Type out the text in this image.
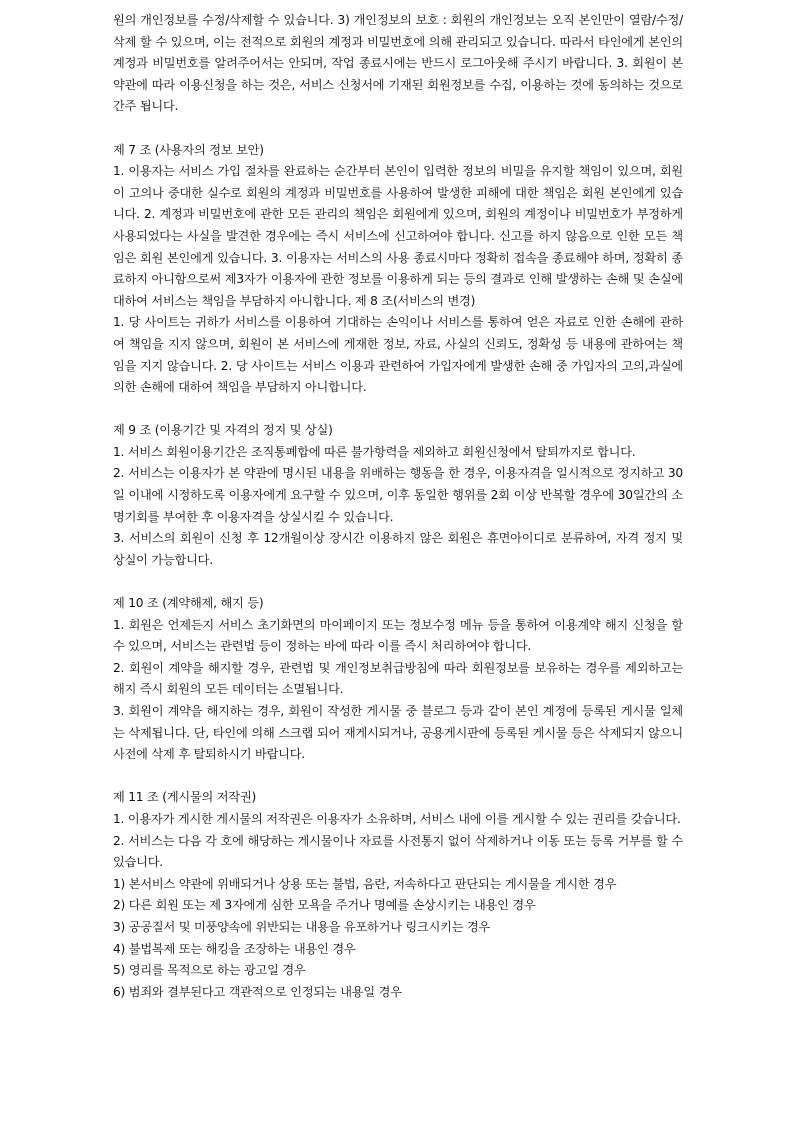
원의 개인정보를 수정/삭제할 수 있습니다. 3) 개인정보의 보호 : 회원의 개인정보는 오직 본인만이 열람/수정/삭제 할 수 있으며, 이는 전적으로 회원의 계정과 비밀번호에 의해 관리되고 있습니다. 따라서 타인에게 본인의 계정과 비밀번호를 알려주어서는 안되며, 작업 종료시에는 반드시 로그아웃해 주시기 바랍니다. 3. 회원이 본 약관에 따라 이용신청을 하는 것은, 서비스 신청서에 기재된 회원정보를 수집, 이용하는 것에 동의하는 것으로 간주 됩니다.

제 7 조 (사용자의 정보 보안)

1. 이용자는 서비스 가입 절차를 완료하는 순간부터 본인이 입력한 정보의 비밀을 유지할 책임이 있으며, 회원이 고의나 중대한 실수로 회원의 계정과 비밀번호를 사용하여 발생한 피해에 대한 책임은 회원 본인에게 있습니다. 2. 계정과 비밀번호에 관한 모든 관리의 책임은 회원에게 있으며, 회원의 계정이나 비밀번호가 부정하게 사용되었다는 사실을 발견한 경우에는 즉시 서비스에 신고하여야 합니다. 신고를 하지 않음으로 인한 모든 책임은 회원 본인에게 있습니다. 3. 이용자는 서비스의 사용 종료시마다 정확히 접속을 종료해야 하며, 정확히 종료하지 아니함으로써 제3자가 이용자에 관한 정보를 이용하게 되는 등의 결과로 인해 발생하는 손해 및 손실에 대하여 서비스는 책임을 부담하지 아니합니다. 제 8 조(서비스의 변경)

1. 당 사이트는 귀하가 서비스를 이용하여 기대하는 손익이나 서비스를 통하여 얻은 자료로 인한 손해에 관하여 책임을 지지 않으며, 회원이 본 서비스에 게재한 정보, 자료, 사실의 신뢰도, 정확성 등 내용에 관하여는 책임을 지지 않습니다. 2. 당 사이트는 서비스 이용과 관련하여 가입자에게 발생한 손해 중 가입자의 고의,과실에 의한 손해에 대하여 책임을 부담하지 아니합니다.

제 9 조 (이용기간 및 자격의 정지 및 상실)

1. 서비스 회원이용기간은 조직통폐합에 따른 불가항력을 제외하고 회원신청에서 탈퇴까지로 합니다.

2. 서비스는 이용자가 본 약관에 명시된 내용을 위배하는 행동을 한 경우, 이용자격을 일시적으로 정지하고 30일 이내에 시정하도록 이용자에게 요구할 수 있으며, 이후 동일한 행위를 2회 이상 반복할 경우에 30일간의 소명기회를 부여한 후 이용자격을 상실시킬 수 있습니다.

3. 서비스의 회원이 신청 후 12개월이상 장시간 이용하지 않은 회원은 휴면아이디로 분류하여, 자격 정지 및 상실이 가능합니다.

제 10 조 (계약해제, 해지 등)

1. 회원은 언제든지 서비스 초기화면의 마이페이지 또는 정보수정 메뉴 등을 통하여 이용계약 해지 신청을 할 수 있으며, 서비스는 관련법 등이 정하는 바에 따라 이를 즉시 처리하여야 합니다.

2. 회원이 계약을 해지할 경우, 관련법 및 개인정보취급방침에 따라 회원정보를 보유하는 경우를 제외하고는 해지 즉시 회원의 모든 데이터는 소멸됩니다.

3. 회원이 계약을 해지하는 경우, 회원이 작성한 게시물 중 블로그 등과 같이 본인 계정에 등록된 게시물 일체는 삭제됩니다. 단, 타인에 의해 스크랩 되어 재게시되거나, 공용게시판에 등록된 게시물 등은 삭제되지 않으니 사전에 삭제 후 탈퇴하시기 바랍니다.

제 11 조 (게시물의 저작권)

1. 이용자가 게시한 게시물의 저작권은 이용자가 소유하며, 서비스 내에 이를 게시할 수 있는 권리를 갖습니다.

2. 서비스는 다음 각 호에 해당하는 게시물이나 자료를 사전통지 없이 삭제하거나 이동 또는 등록 거부를 할 수 있습니다.

1) 본서비스 약관에 위배되거나 상용 또는 불법, 음란, 저속하다고 판단되는 게시물을 게시한 경우

2) 다른 회원 또는 제 3자에게 심한 모욕을 주거나 명예를 손상시키는 내용인 경우

3) 공공질서 및 미풍양속에 위반되는 내용을 유포하거나 링크시키는 경우

4) 불법복제 또는 해킹을 조장하는 내용인 경우

5) 영리를 목적으로 하는 광고일 경우

6) 범죄와 결부된다고 객관적으로 인정되는 내용일 경우
